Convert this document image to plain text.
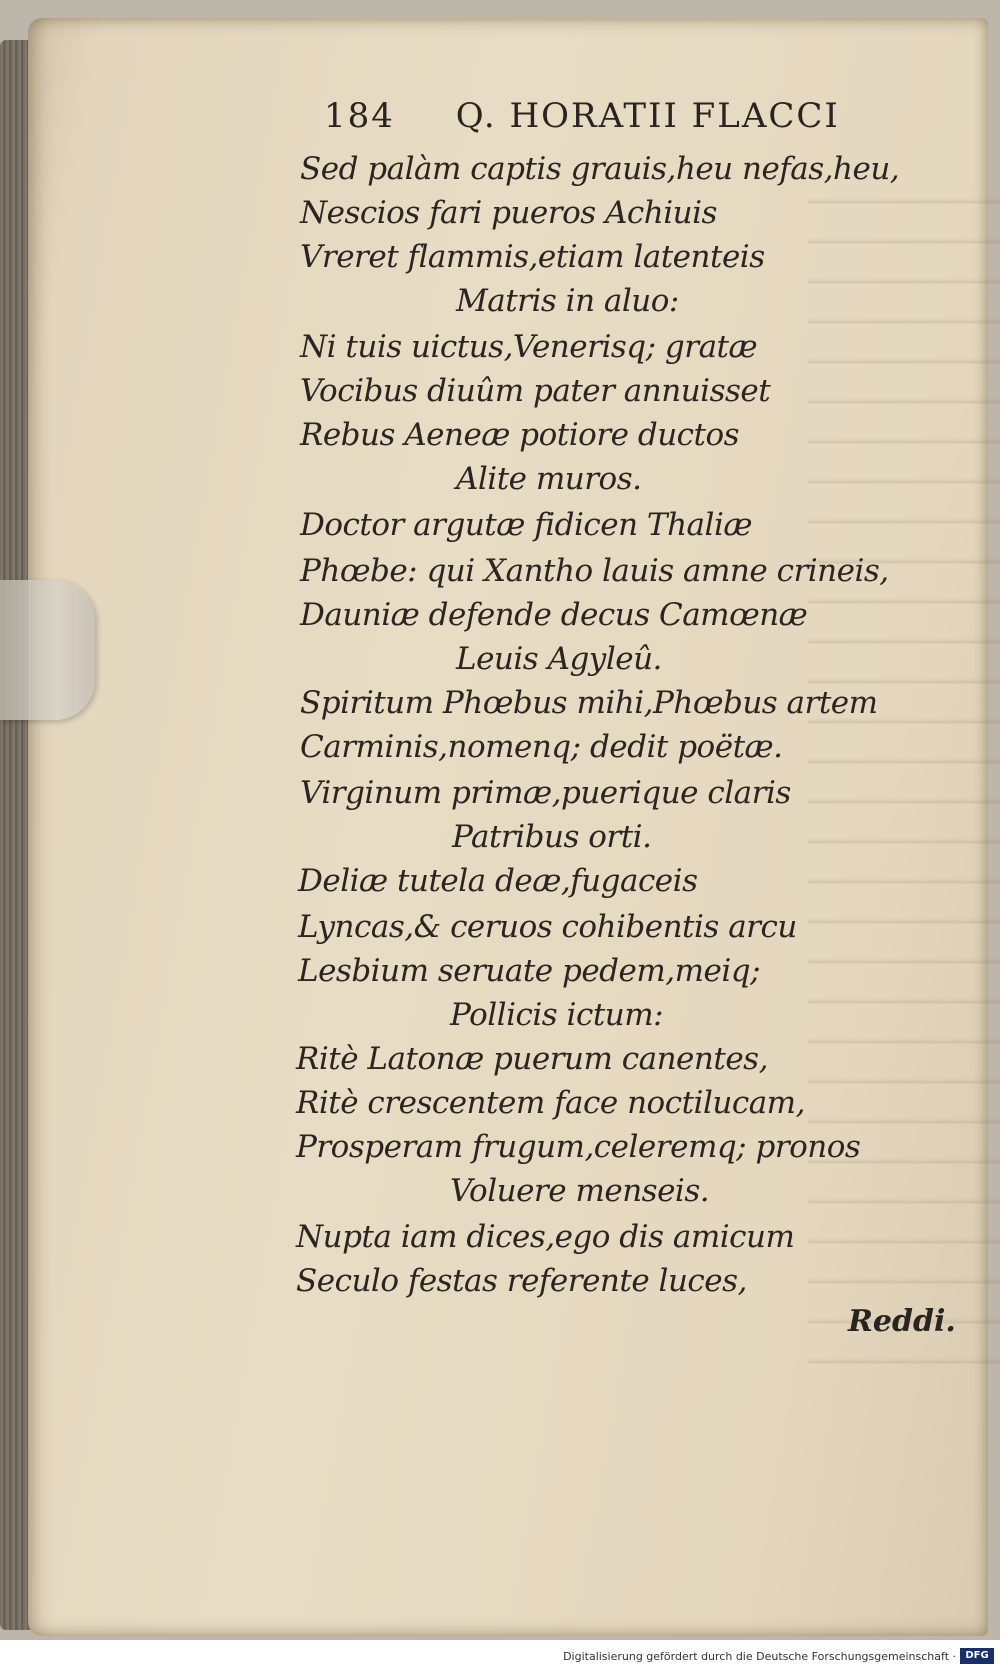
184 Q. HORATII FLACCI
Sed palàm captis grauis,heu nefas,heu,
Nescios fari pueros Achiuis
Vreret flammis,etiam latenteis
Matris in aluo:
Ni tuis uictus,Venerisq; gratæ
Vocibus diuûm pater annuisset
Rebus Aeneæ potiore ductos
Alite muros.
Doctor argutæ fidicen Thaliæ
Phœbe: qui Xantho lauis amne crineis,
Dauniæ defende decus Camœnæ
Leuis Agyleû.
Spiritum Phœbus mihi,Phœbus artem
Carminis,nomenq; dedit poëtæ.
Virginum primæ,puerique claris
Patribus orti.
Deliæ tutela deæ,fugaceis
Lyncas,& ceruos cohibentis arcu
Lesbium seruate pedem,meiq;
Pollicis ictum:
Ritè Latonæ puerum canentes,
Ritè crescentem face noctilucam,
Prosperam frugum,celeremq; pronos
Voluere menseis.
Nupta iam dices,ego dis amicum
Seculo festas referente luces,
Reddi.
Digitalisierung gefördert durch die Deutsche Forschungsgemeinschaft · DFG
